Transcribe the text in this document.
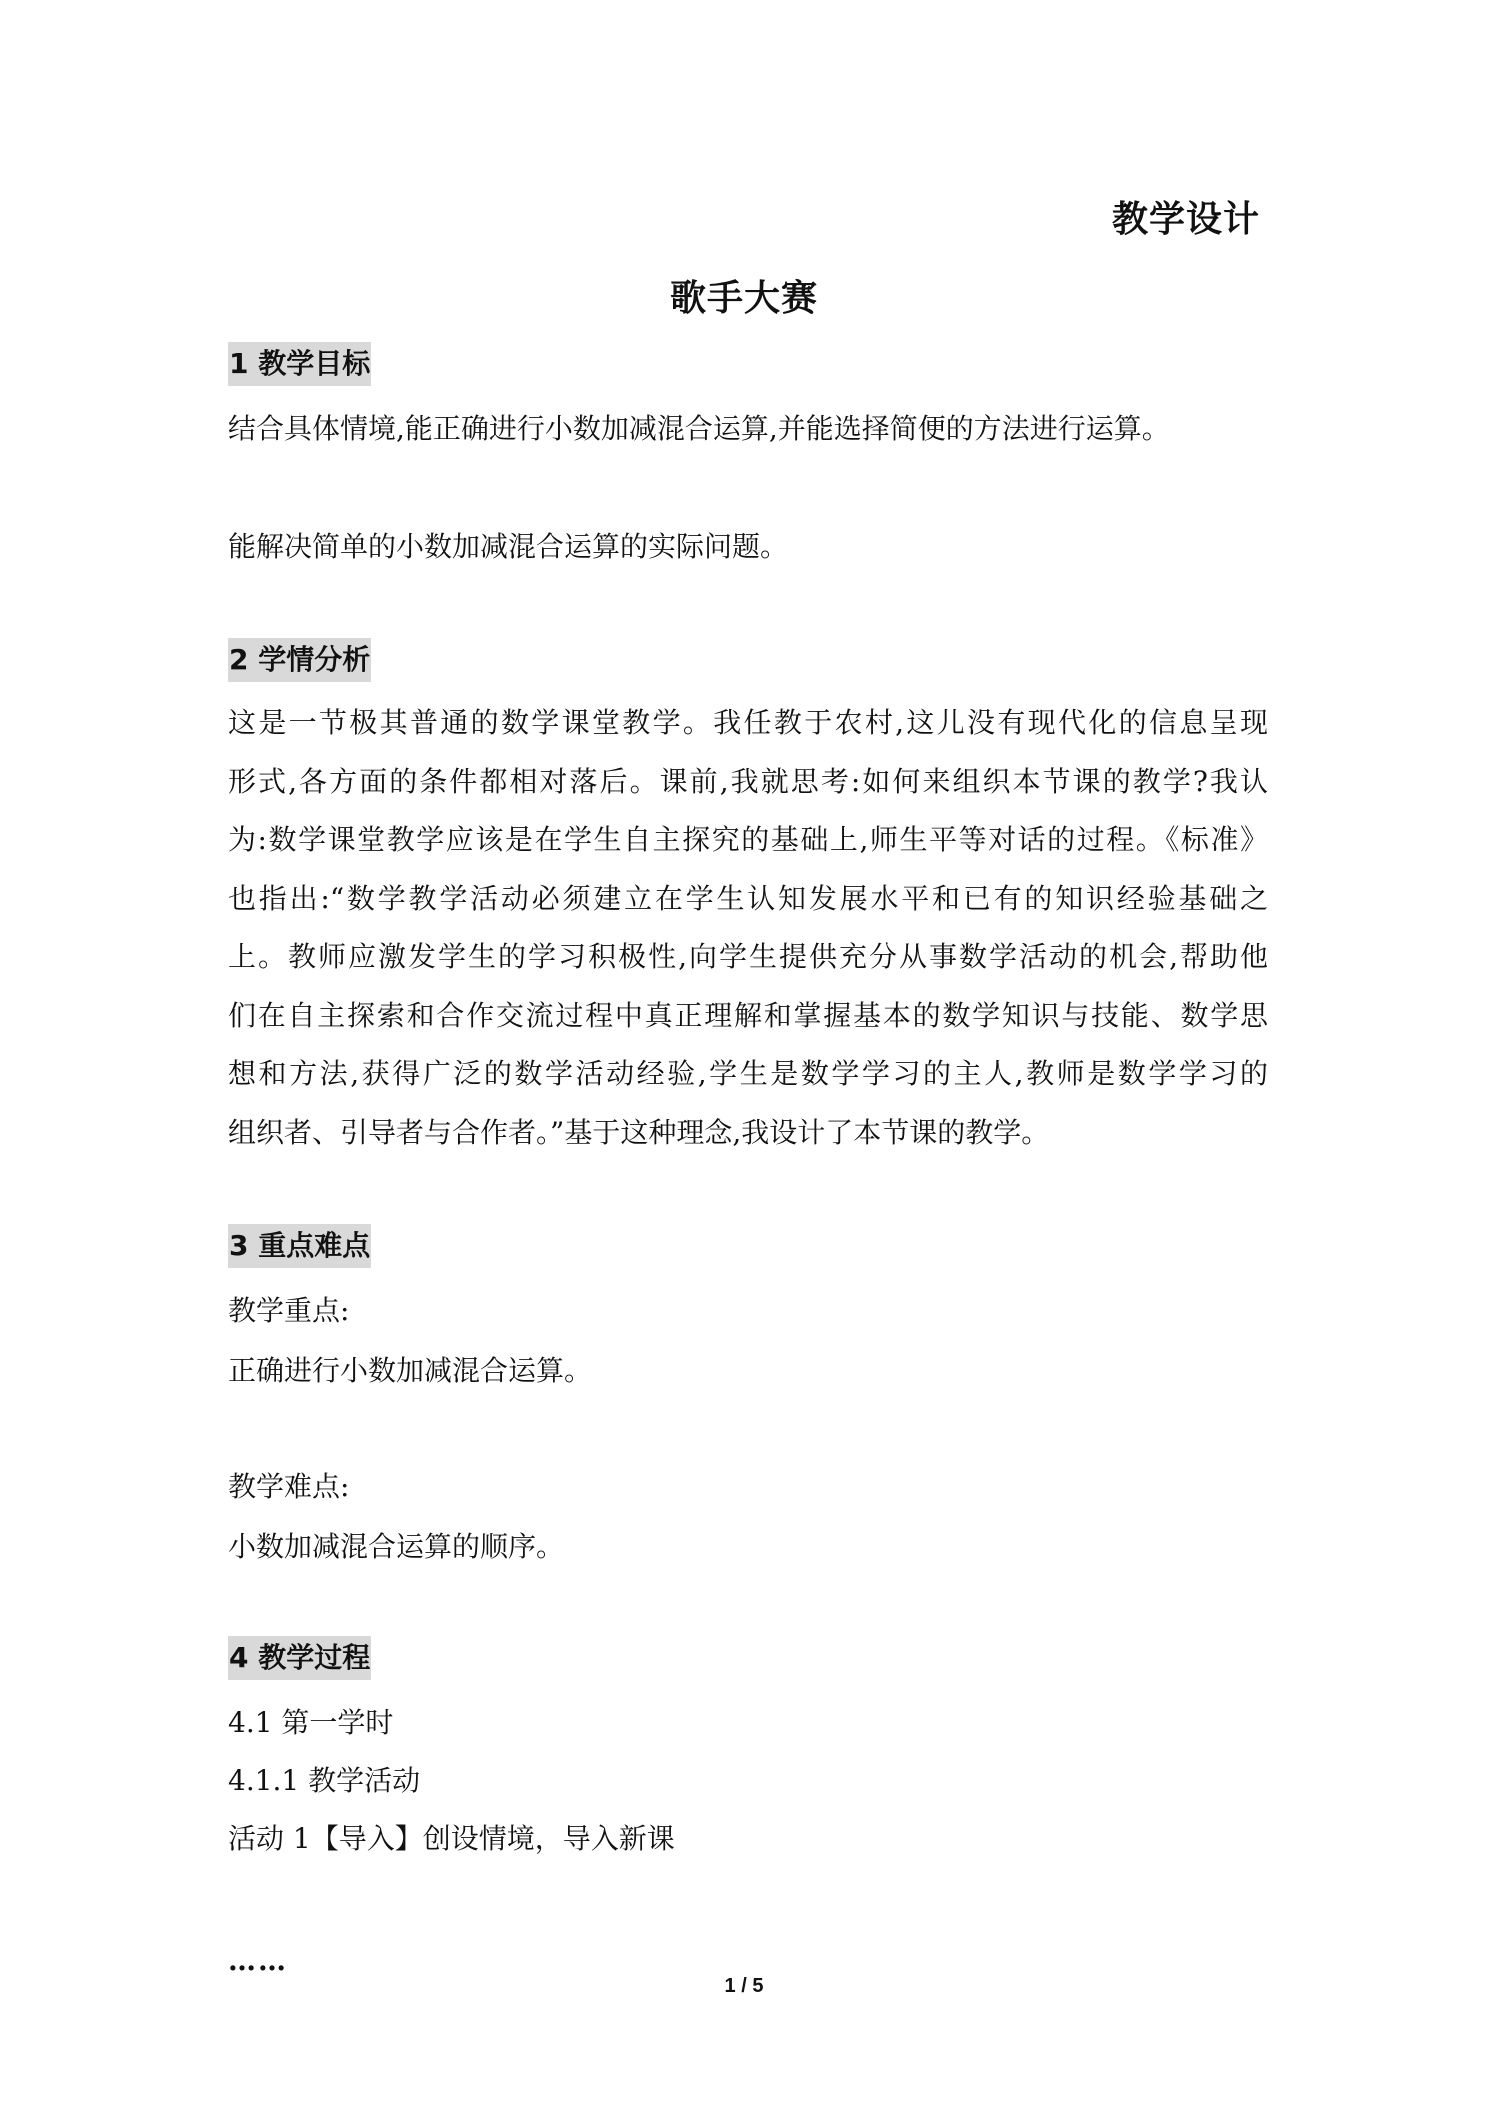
教学设计
歌手大赛
1 教学目标
结合具体情境,能正确进行小数加减混合运算,并能选择简便的方法进行运算。
能解决简单的小数加减混合运算的实际问题。
2 学情分析
这是一节极其普通的数学课堂教学。我任教于农村,这儿没有现代化的信息呈现
形式,各方面的条件都相对落后。课前,我就思考:如何来组织本节课的教学?我认
为:数学课堂教学应该是在学生自主探究的基础上,师生平等对话的过程。《标准》
也指出:“数学教学活动必须建立在学生认知发展水平和已有的知识经验基础之
上。教师应激发学生的学习积极性,向学生提供充分从事数学活动的机会,帮助他
们在自主探索和合作交流过程中真正理解和掌握基本的数学知识与技能、数学思
想和方法,获得广泛的数学活动经验,学生是数学学习的主人,教师是数学学习的
组织者、引导者与合作者。”基于这种理念,我设计了本节课的教学。
3 重点难点
教学重点:
正确进行小数加减混合运算。
教学难点:
小数加减混合运算的顺序。
4 教学过程
4.1 第一学时
4.1.1 教学活动
活动 1【导入】创设情境，导入新课
……
1 / 5
